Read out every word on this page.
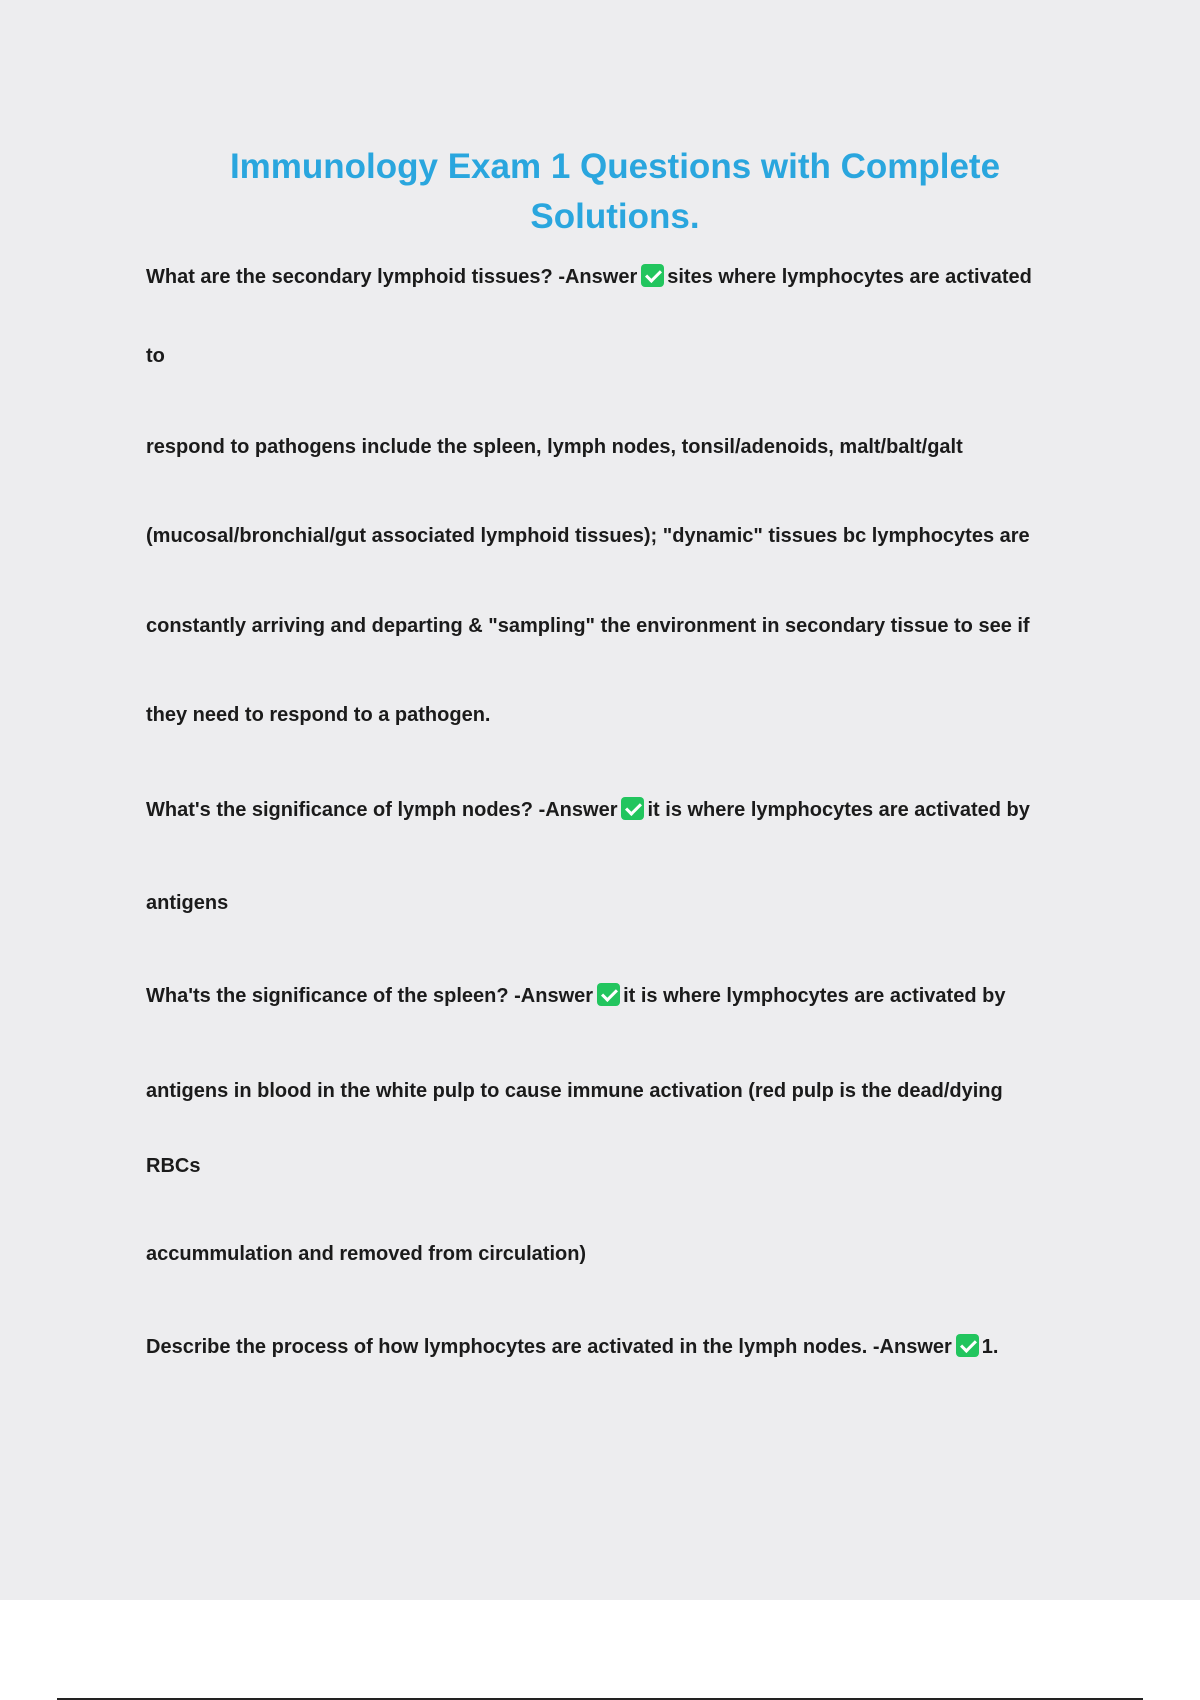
Immunology Exam 1 Questions with Complete Solutions.
What are the secondary lymphoid tissues? -Answer sites where lymphocytes are activated
to
respond to pathogens include the spleen, lymph nodes, tonsil/adenoids, malt/balt/galt
(mucosal/bronchial/gut associated lymphoid tissues); "dynamic" tissues bc lymphocytes are
constantly arriving and departing & "sampling" the environment in secondary tissue to see if
they need to respond to a pathogen.
What's the significance of lymph nodes? -Answer it is where lymphocytes are activated by
antigens
Wha'ts the significance of the spleen? -Answer it is where lymphocytes are activated by
antigens in blood in the white pulp to cause immune activation (red pulp is the dead/dying
RBCs
accummulation and removed from circulation)
Describe the process of how lymphocytes are activated in the lymph nodes. -Answer 1.
